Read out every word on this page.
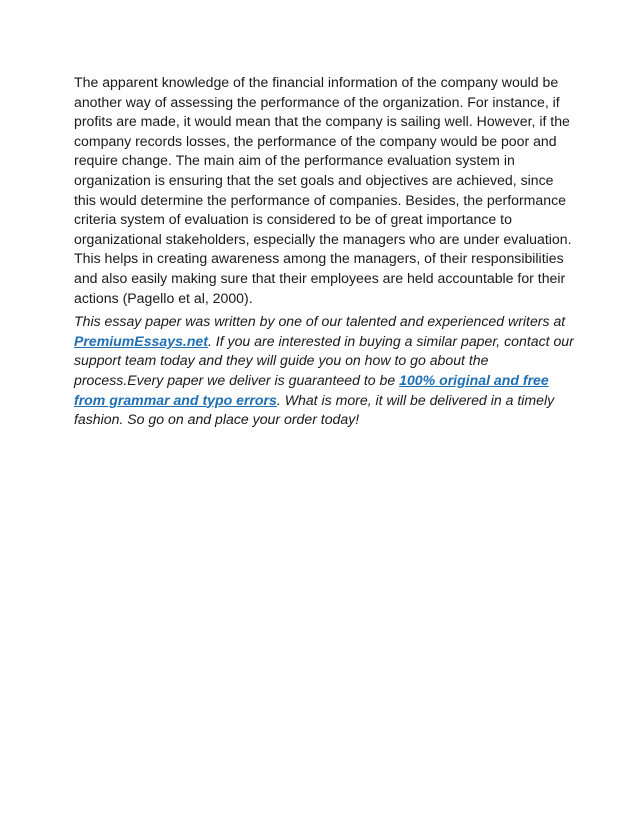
The apparent knowledge of the financial information of the company would be another way of assessing the performance of the organization. For instance, if profits are made, it would mean that the company is sailing well. However, if the company records losses, the performance of the company would be poor and require change. The main aim of the performance evaluation system in organization is ensuring that the set goals and objectives are achieved, since this would determine the performance of companies. Besides, the performance criteria system of evaluation is considered to be of great importance to organizational stakeholders, especially the managers who are under evaluation. This helps in creating awareness among the managers, of their responsibilities and also easily making sure that their employees are held accountable for their actions (Pagello et al, 2000).

This essay paper was written by one of our talented and experienced writers at PremiumEssays.net. If you are interested in buying a similar paper, contact our support team today and they will guide you on how to go about the process.Every paper we deliver is guaranteed to be 100% original and free from grammar and typo errors. What is more, it will be delivered in a timely fashion. So go on and place your order today!
